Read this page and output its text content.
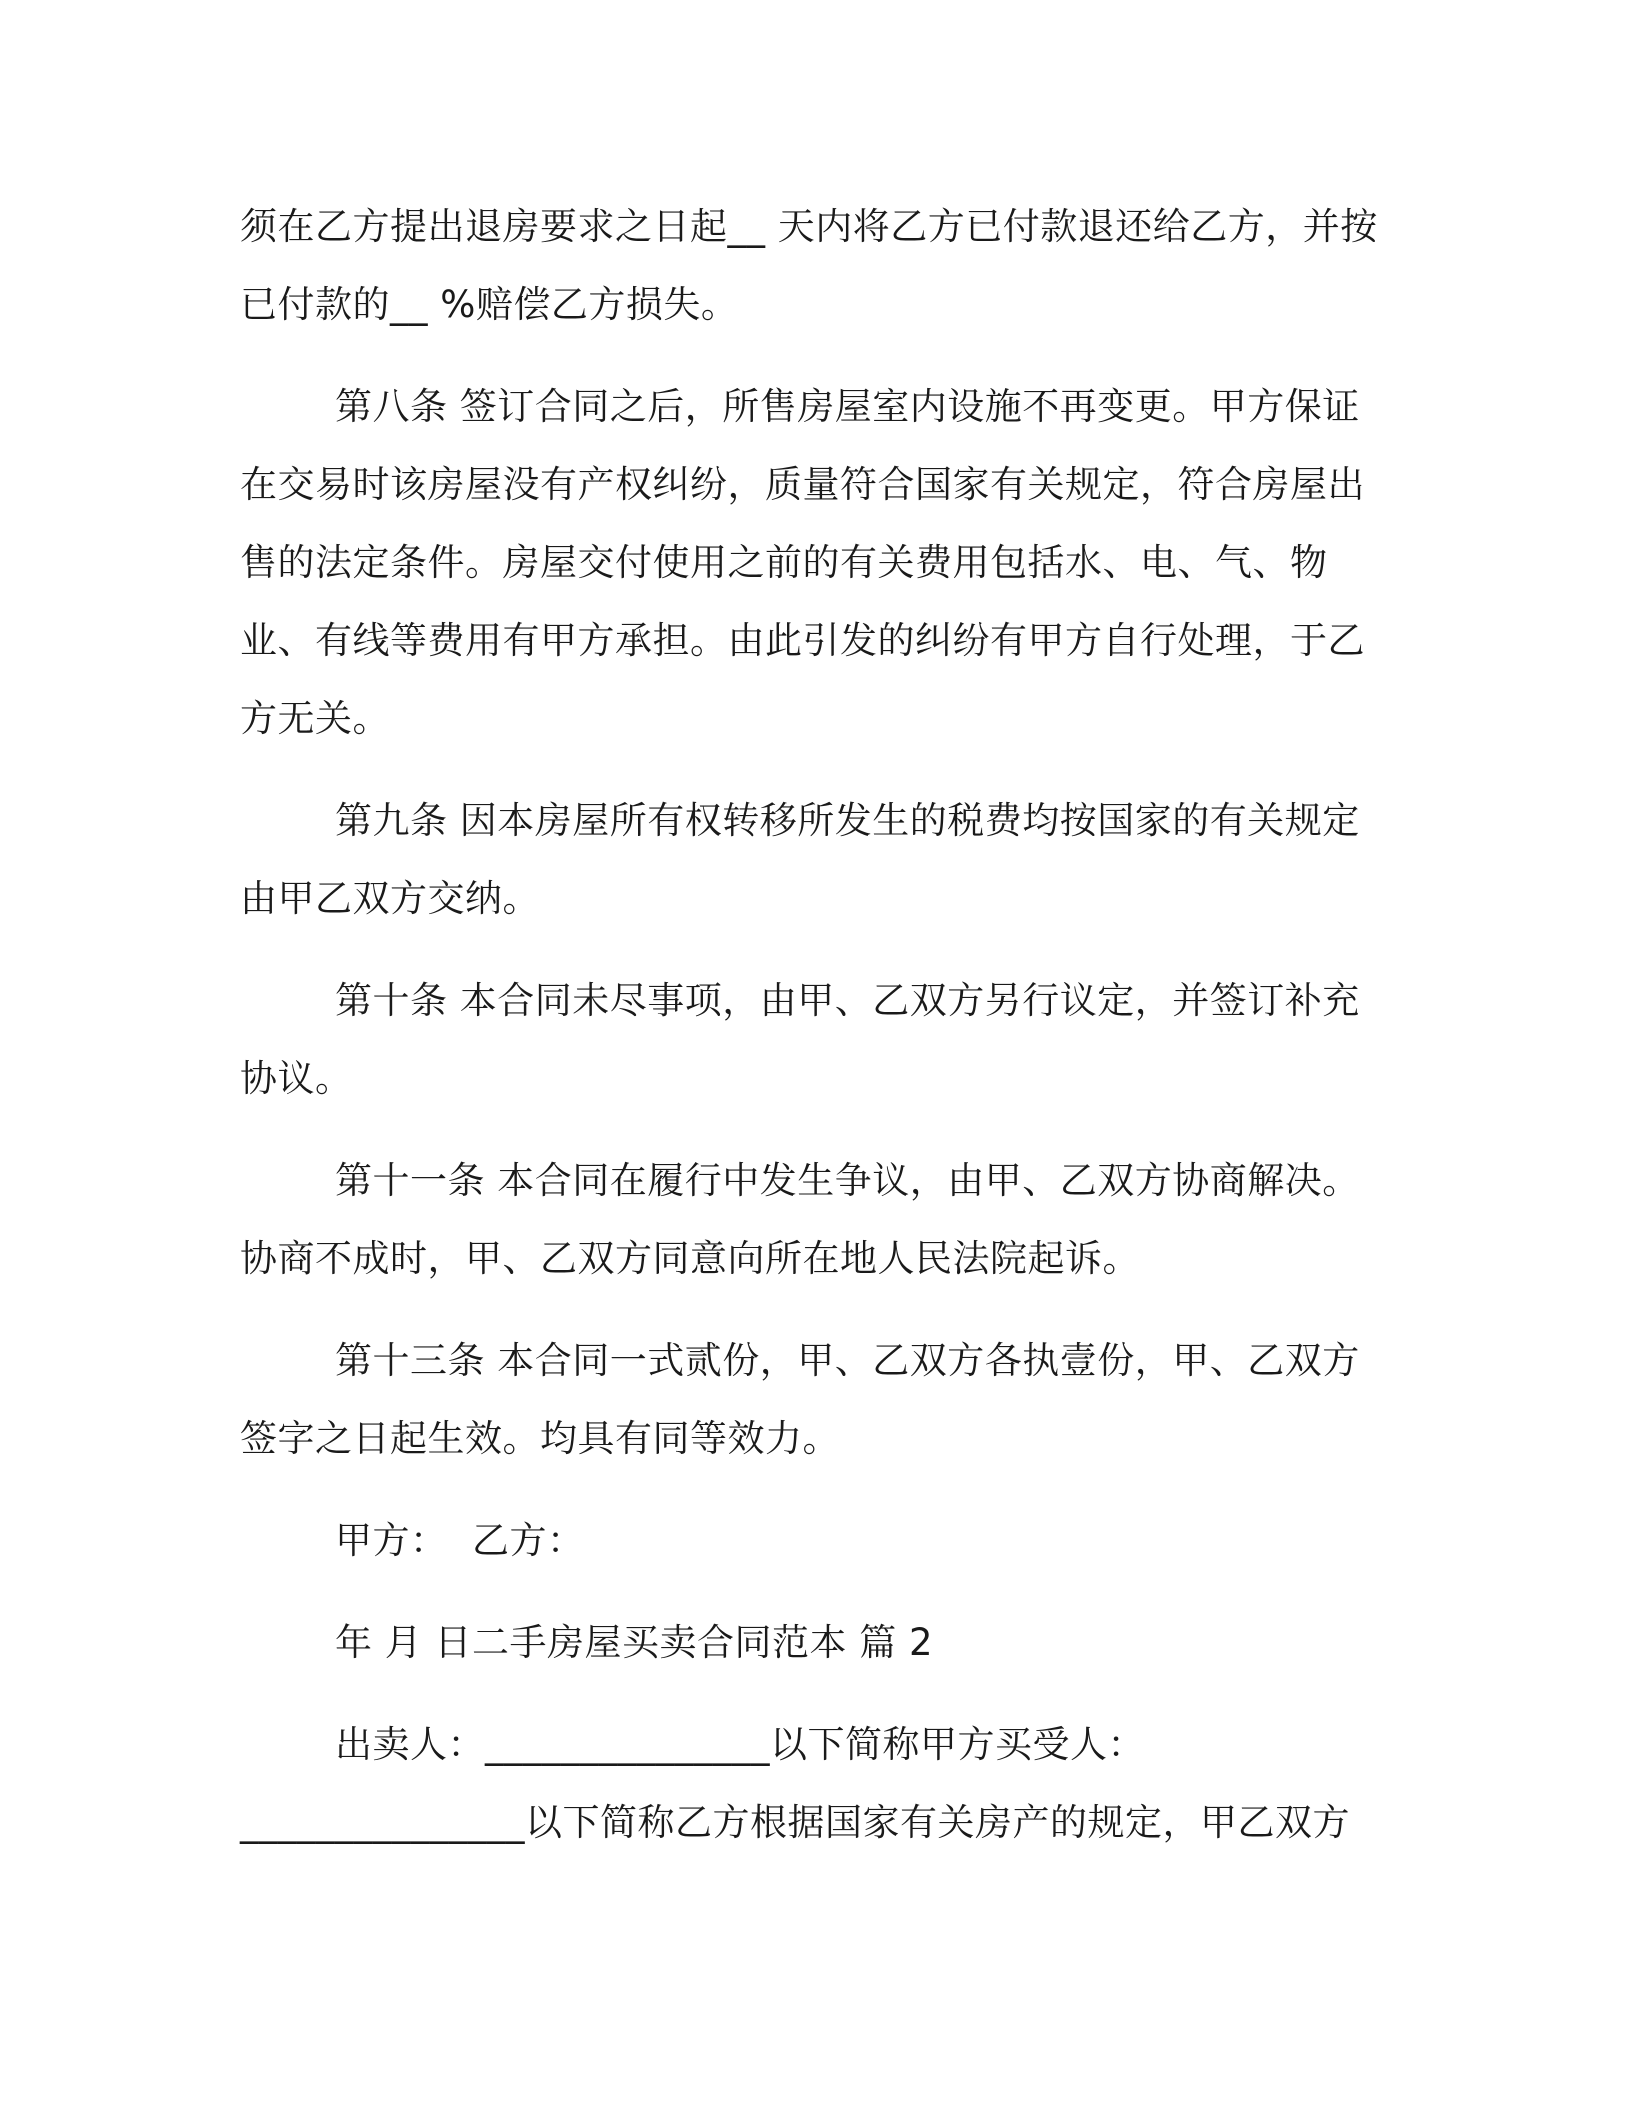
须在乙方提出退房要求之日起__ 天内将乙方已付款退还给乙方，并按已付款的__ %赔偿乙方损失。

第八条 签订合同之后，所售房屋室内设施不再变更。甲方保证在交易时该房屋没有产权纠纷，质量符合国家有关规定，符合房屋出售的法定条件。房屋交付使用之前的有关费用包括水、电、气、物业、有线等费用有甲方承担。由此引发的纠纷有甲方自行处理，于乙方无关。

第九条 因本房屋所有权转移所发生的税费均按国家的有关规定由甲乙双方交纳。

第十条 本合同未尽事项，由甲、乙双方另行议定，并签订补充协议。

第十一条 本合同在履行中发生争议，由甲、乙双方协商解决。协商不成时，甲、乙双方同意向所在地人民法院起诉。

第十三条 本合同一式贰份，甲、乙双方各执壹份，甲、乙双方签字之日起生效。均具有同等效力。

甲方：  乙方：

年 月 日二手房屋买卖合同范本 篇 2

出卖人：_______________以下简称甲方买受人：_______________以下简称乙方根据国家有关房产的规定，甲乙双方
